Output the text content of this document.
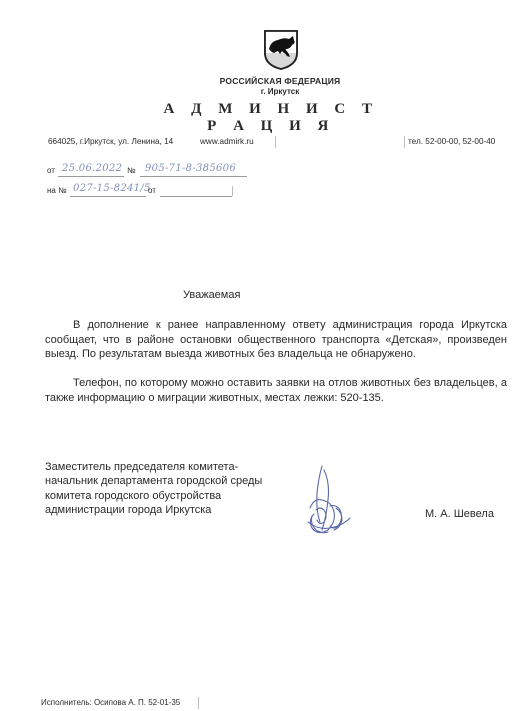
РОССИЙСКАЯ ФЕДЕРАЦИЯ
г. Иркутск
А Д М И Н И С Т Р А Ц И Я
664025, г.Иркутск, ул. Ленина, 14	www.admirk.ru	тел. 52-00-00, 52-00-40
от 25.06.2022 № 905-71-8-385606
на № 027-15-8241/5
от
Уважаемая
В дополнение к ранее направленному ответу администрация города Иркутска сообщает, что в районе остановки общественного транспорта «Детская», произведен выезд. По результатам выезда животных без владельца не обнаружено.
Телефон, по которому можно оставить заявки на отлов животных без владельцев, а также информацию о миграции животных, местах лежки: 520-135.
Заместитель председателя комитета-
начальник департамента городской среды
комитета городского обустройства
администрации города Иркутска	М. А. Шевела
Исполнитель: Осипова А. П. 52-01-35
